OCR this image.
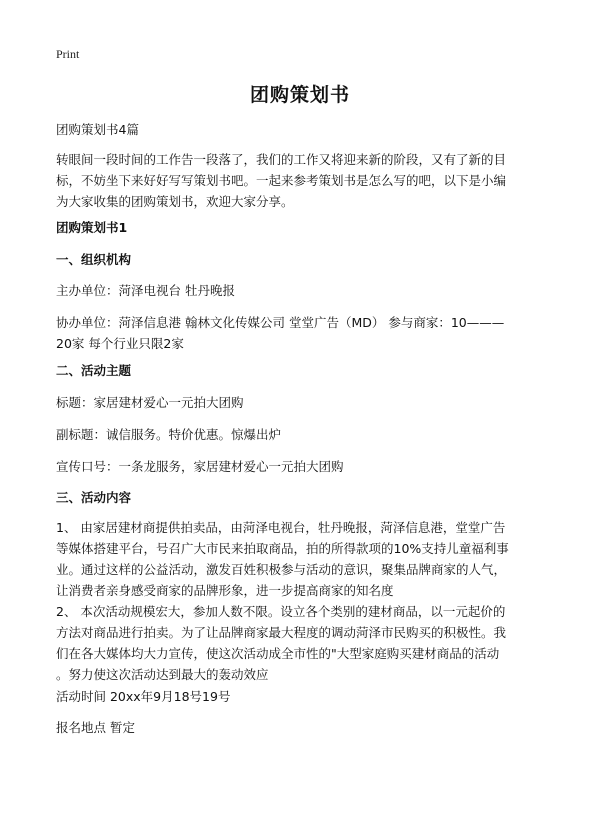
Print
团购策划书
团购策划书4篇
转眼间一段时间的工作告一段落了，我们的工作又将迎来新的阶段，又有了新的目
标，不妨坐下来好好写写策划书吧。一起来参考策划书是怎么写的吧，以下是小编
为大家收集的团购策划书，欢迎大家分享。
团购策划书1
一、组织机构
主办单位：菏泽电视台 牡丹晚报
协办单位：菏泽信息港 翰林文化传媒公司 堂堂广告（MD） 参与商家：10———
20家 每个行业只限2家
二、活动主题
标题：家居建材爱心一元拍大团购
副标题：诚信服务。特价优惠。惊爆出炉
宣传口号：一条龙服务，家居建材爱心一元拍大团购
三、活动内容
1、 由家居建材商提供拍卖品，由菏泽电视台，牡丹晚报，菏泽信息港，堂堂广告
等媒体搭建平台，号召广大市民来拍取商品，拍的所得款项的10%支持儿童福利事
业。通过这样的公益活动，激发百姓积极参与活动的意识，聚集品牌商家的人气，
让消费者亲身感受商家的品牌形象，进一步提高商家的知名度
2、 本次活动规模宏大，参加人数不限。设立各个类别的建材商品，以一元起价的
方法对商品进行拍卖。为了让品牌商家最大程度的调动菏泽市民购买的积极性。我
们在各大媒体均大力宣传，使这次活动成全市性的"大型家庭购买建材商品的活动
。努力使这次活动达到最大的轰动效应
活动时间 20xx年9月18号19号
报名地点 暂定
